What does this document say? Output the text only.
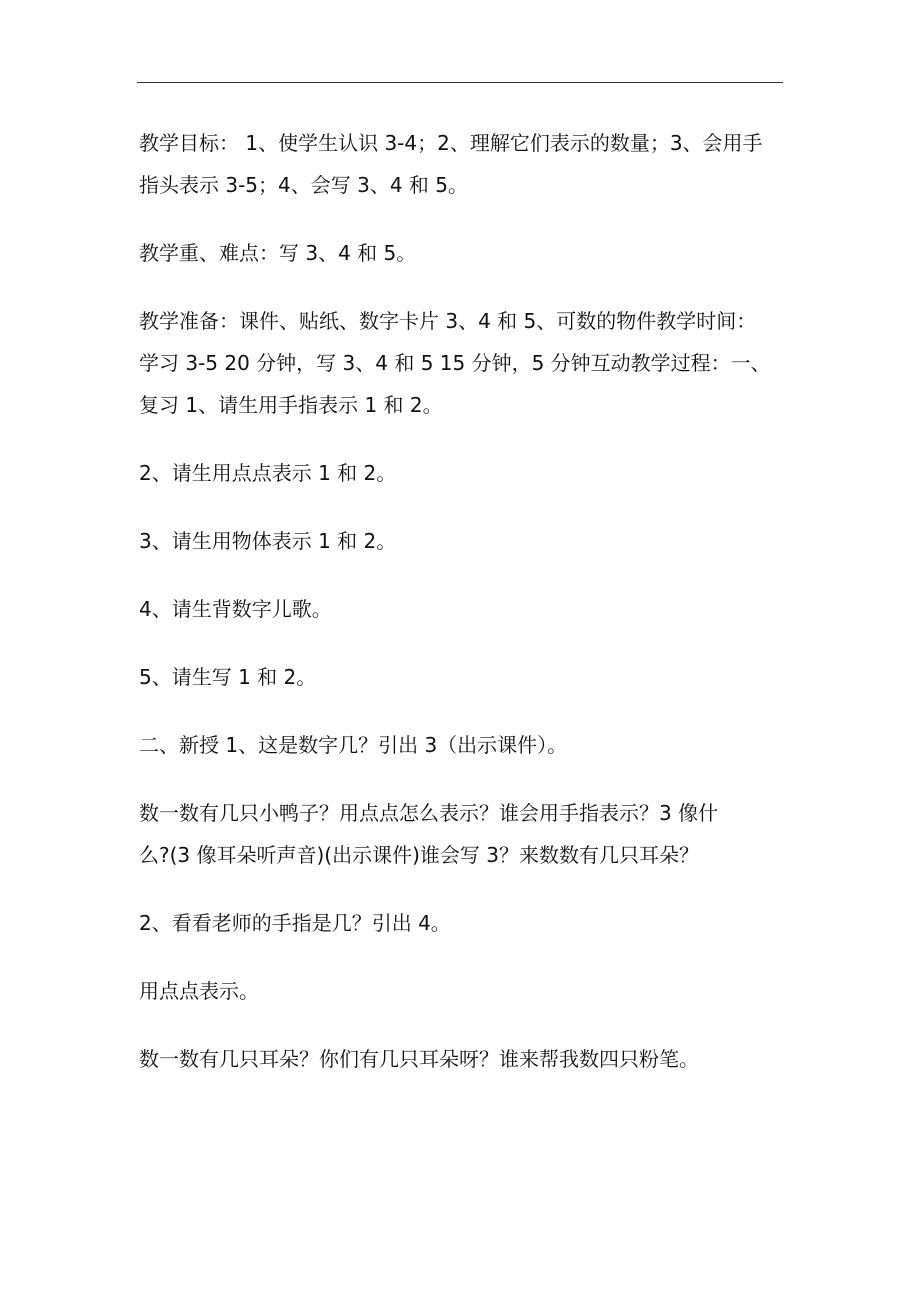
教学目标： 1、使学生认识 3-4；2、理解它们表示的数量；3、会用手
指头表示 3-5；4、会写 3、4 和 5。

教学重、难点：写 3、4 和 5。

教学准备：课件、贴纸、数字卡片 3、4 和 5、可数的物件教学时间：
学习 3-5 20 分钟，写 3、4 和 5 15 分钟，5 分钟互动教学过程：一、
复习 1、请生用手指表示 1 和 2。

2、请生用点点表示 1 和 2。

3、请生用物体表示 1 和 2。

4、请生背数字儿歌。

5、请生写 1 和 2。

二、新授 1、这是数字几？引出 3（出示课件）。

数一数有几只小鸭子？用点点怎么表示？谁会用手指表示？3 像什
么?(3 像耳朵听声音)(出示课件)谁会写 3？来数数有几只耳朵？

2、看看老师的手指是几？引出 4。

用点点表示。

数一数有几只耳朵？你们有几只耳朵呀？谁来帮我数四只粉笔。
